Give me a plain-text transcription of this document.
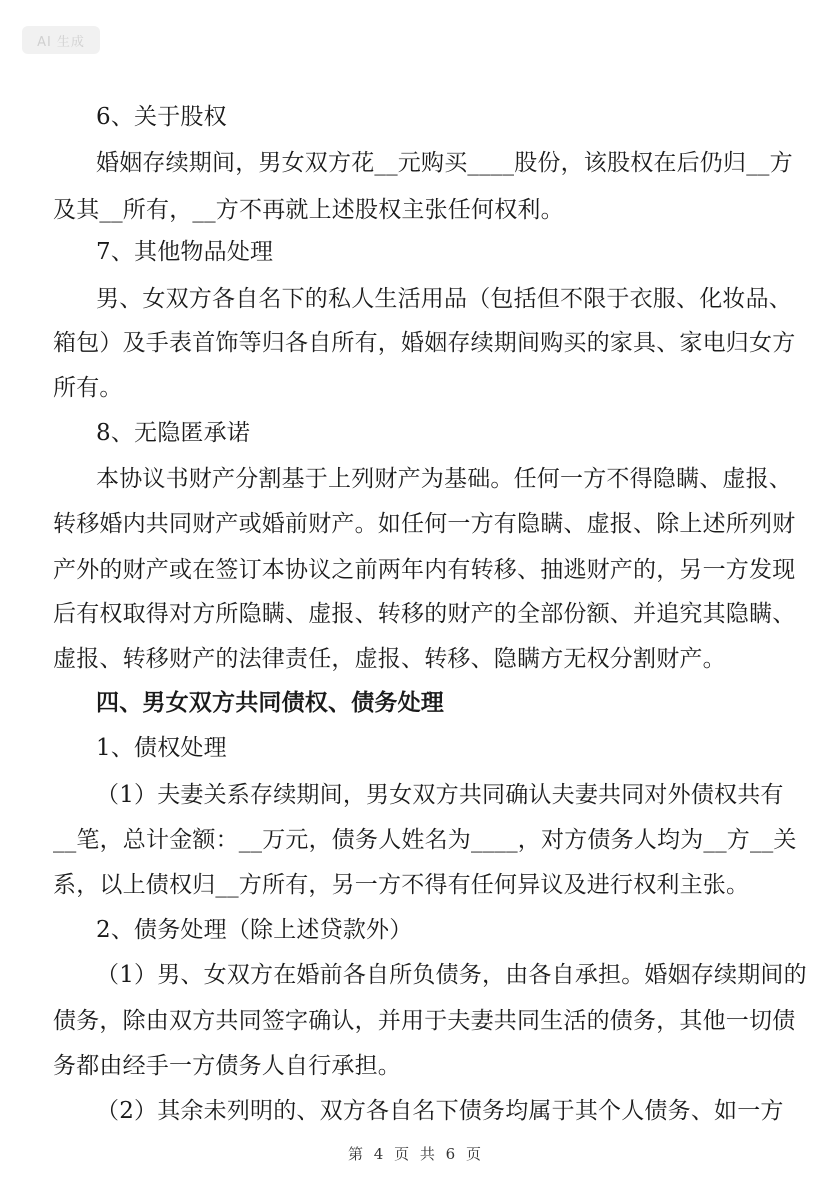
AI 生成
6、关于股权
婚姻存续期间，男女双方花__元购买____股份，该股权在后仍归__方
及其__所有，__方不再就上述股权主张任何权利。
7、其他物品处理
男、女双方各自名下的私人生活用品（包括但不限于衣服、化妆品、
箱包）及手表首饰等归各自所有，婚姻存续期间购买的家具、家电归女方
所有。
8、无隐匿承诺
本协议书财产分割基于上列财产为基础。任何一方不得隐瞒、虚报、
转移婚内共同财产或婚前财产。如任何一方有隐瞒、虚报、除上述所列财
产外的财产或在签订本协议之前两年内有转移、抽逃财产的，另一方发现
后有权取得对方所隐瞒、虚报、转移的财产的全部份额、并追究其隐瞒、
虚报、转移财产的法律责任，虚报、转移、隐瞒方无权分割财产。
四、男女双方共同债权、债务处理
1、债权处理
（1）夫妻关系存续期间，男女双方共同确认夫妻共同对外债权共有
__笔，总计金额：__万元，债务人姓名为____，对方债务人均为__方__关
系，以上债权归__方所有，另一方不得有任何异议及进行权利主张。
2、债务处理（除上述贷款外）
（1）男、女双方在婚前各自所负债务，由各自承担。婚姻存续期间的
债务，除由双方共同签字确认，并用于夫妻共同生活的债务，其他一切债
务都由经手一方债务人自行承担。
（2）其余未列明的、双方各自名下债务均属于其个人债务、如一方
第 4 页 共 6 页
